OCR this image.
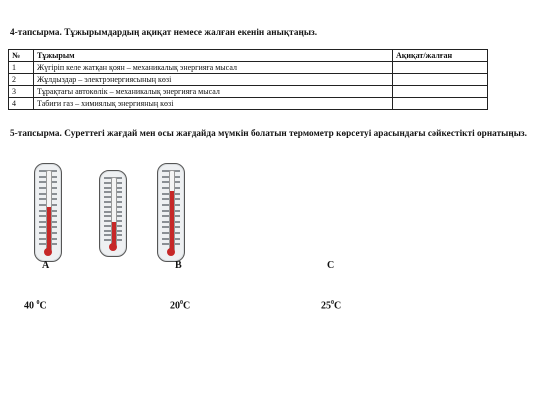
4-тапсырма. Тұжырымдардың ақиқат немесе жалған екенін анықтаңыз.
№	Тұжырым	Ақиқат/жалған
1	Жүгіріп келе жатқан қоян – механикалық энергияға мысал	
2	Жұлдыздар – электрэнергиясының көзі	
3	Тұрақтағы автокөлік – механикалық энергияға мысал	
4	Табиғи газ – химиялық энергияның көзі	
5-тапсырма. Суреттегі жағдай мен осы жағдайда мүмкін болатын термометр көрсетуі арасындағы сәйкестікті орнатыңыз.
A	B	C
40 $^0$С	$20^0С$	$25^0С$
